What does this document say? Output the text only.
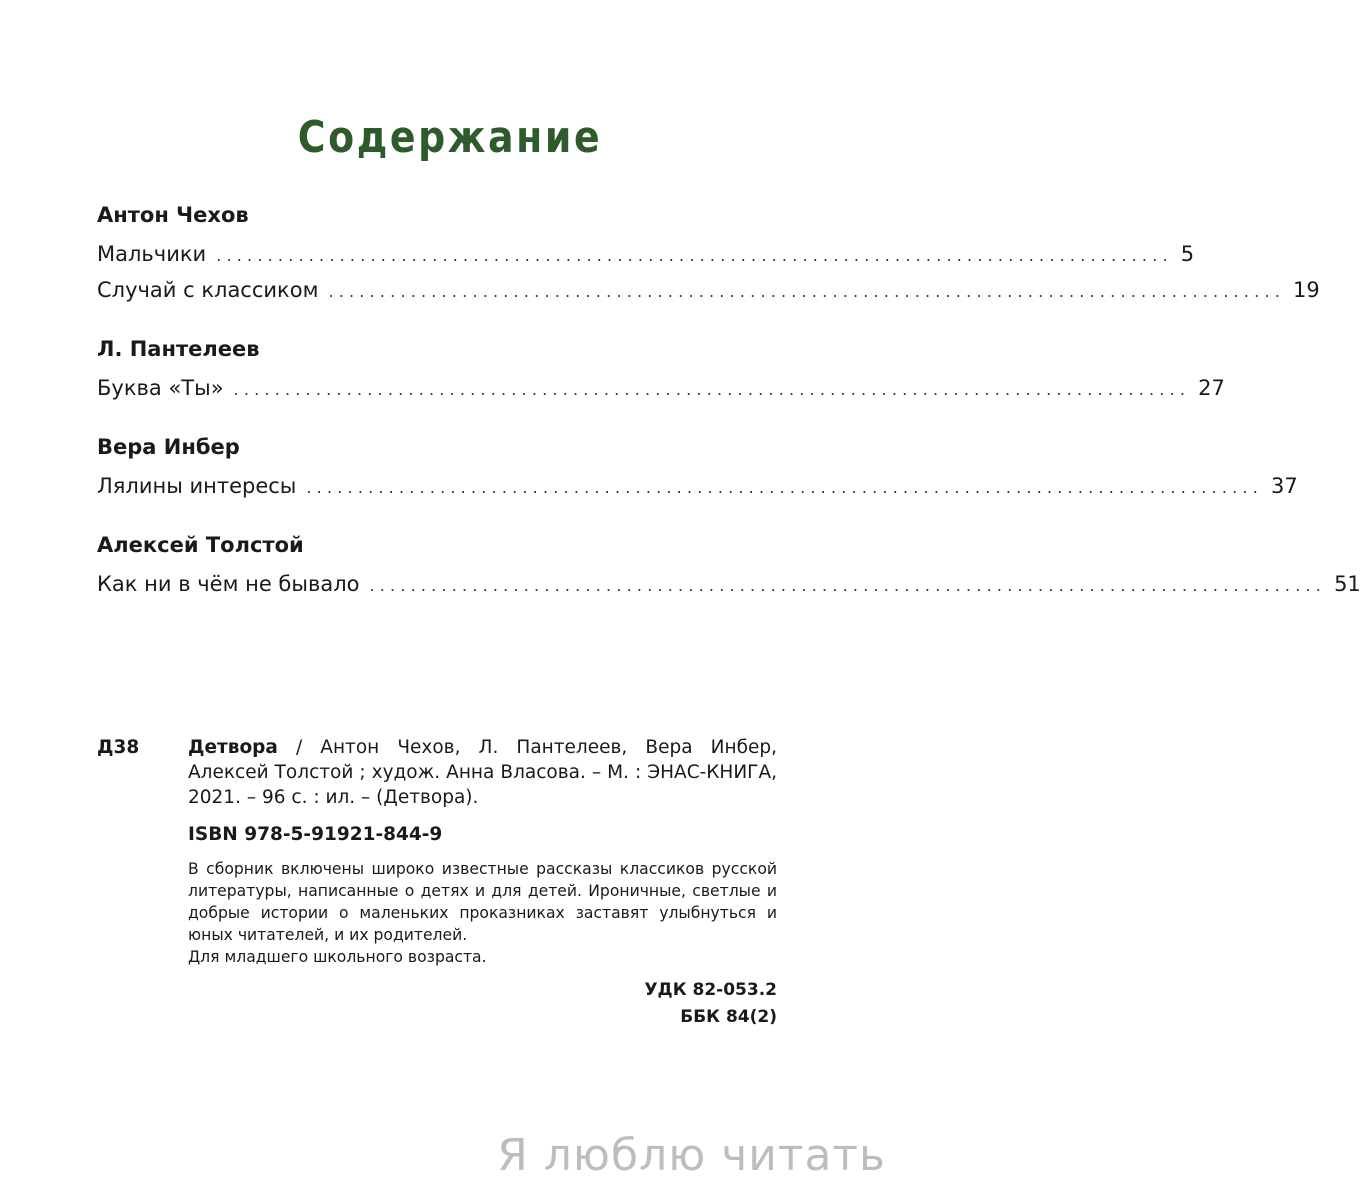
Содержание
Антон Чехов
Мальчики ............................................................................................. 5
Случай с классиком ............................................................................................. 19
Л. Пантелеев
Буква «Ты» ............................................................................................. 27
Вера Инбер
Лялины интересы ............................................................................................. 37
Алексей Толстой
Как ни в чём не бывало ............................................................................................. 51
Д38	Детвора / Антон Чехов, Л. Пантелеев, Вера Инбер, Алексей Толстой ; худож. Анна Власова. – М. : ЭНАС-КНИГА, 2021. – 96 с. : ил. – (Детвора).
ISBN 978-5-91921-844-9

В сборник включены широко известные рассказы классиков русской литературы, написанные о детях и для детей. Ироничные, светлые и добрые истории о маленьких проказниках заставят улыбнуться и юных читателей, и их родителей.

Для младшего школьного возраста.
УДК 82-053.2
ББК 84(2)
Я люблю читать
